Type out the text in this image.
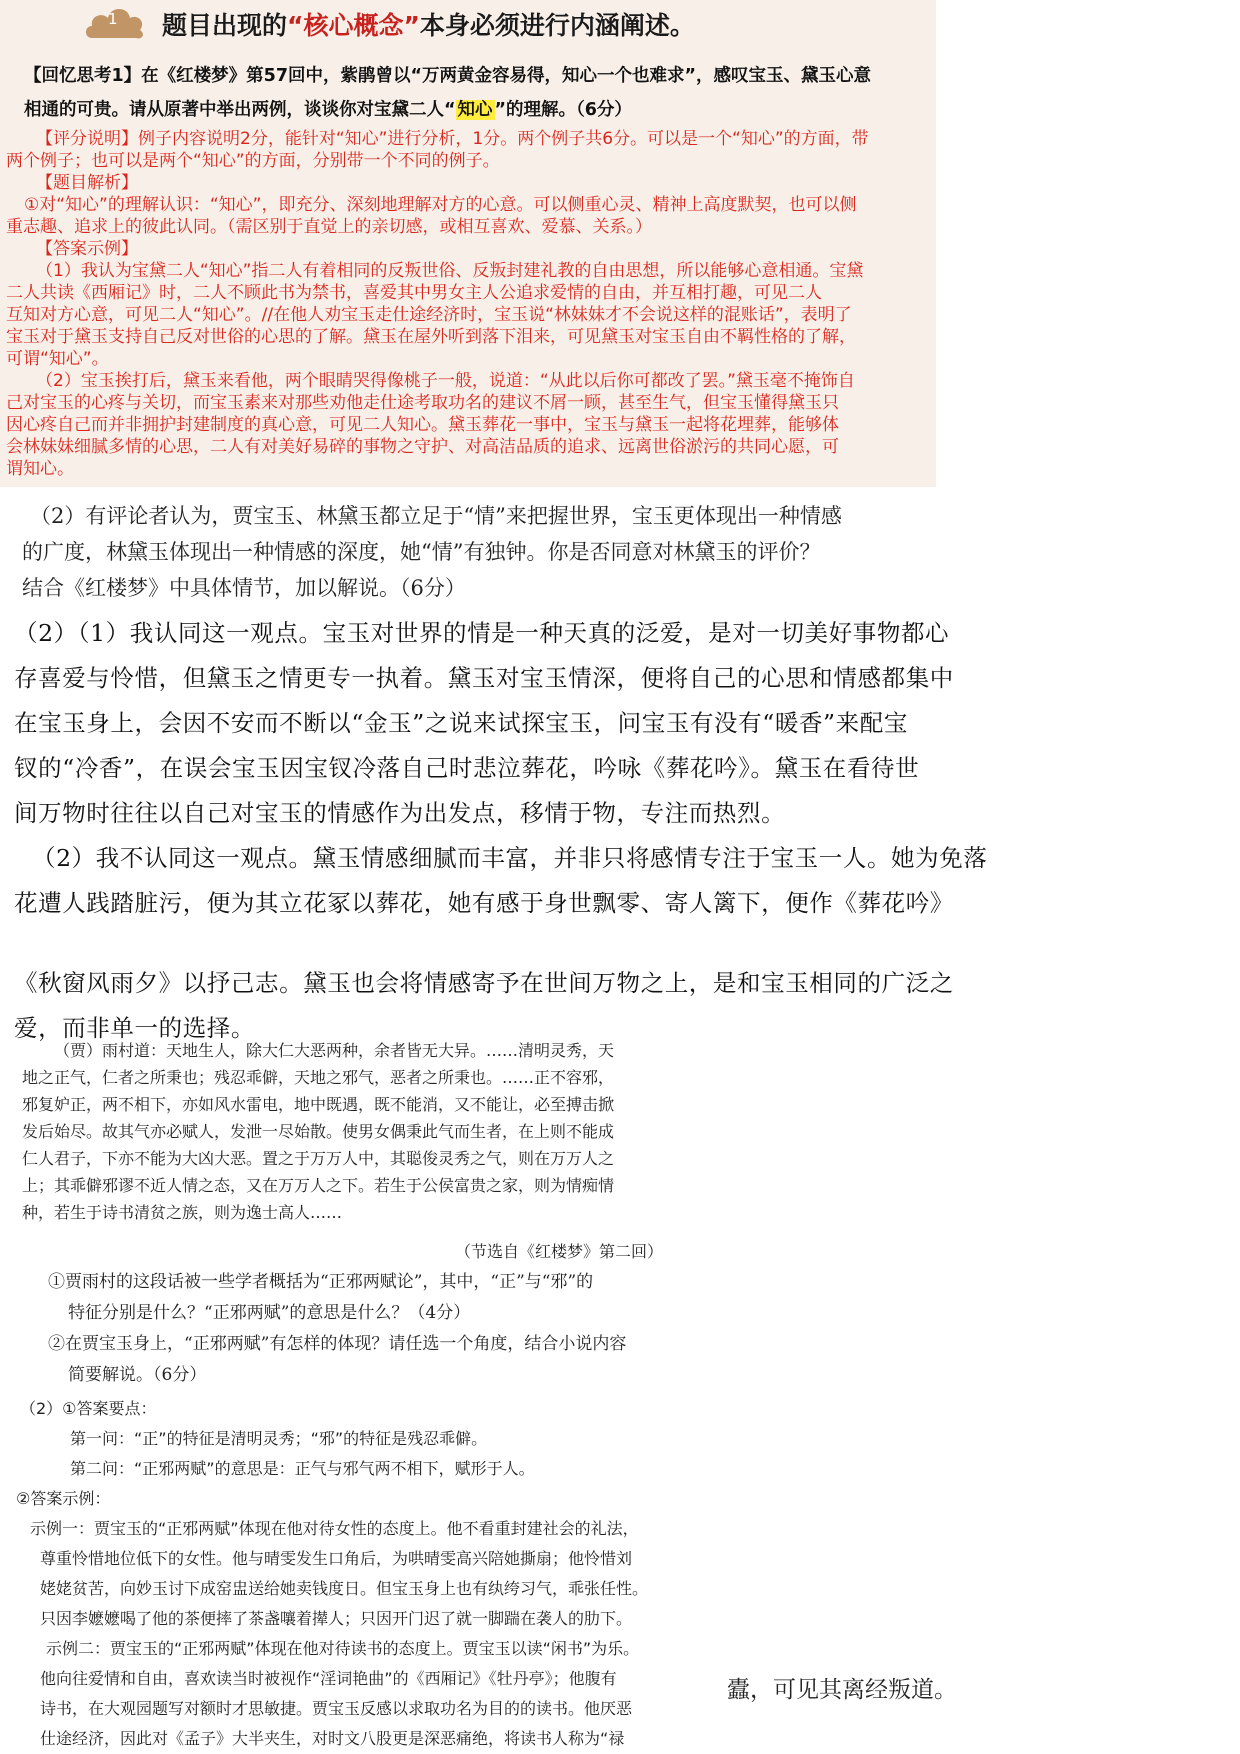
1 题目出现的“核心概念”本身必须进行内涵阐述。
【回忆思考1】在《红楼梦》第57回中，紫鹃曾以“万两黄金容易得，知心一个也难求”，感叹宝玉、黛玉心意
相通的可贵。请从原著中举出两例，谈谈你对宝黛二人“ 知心 ”的理解。（6分）
【评分说明】例子内容说明2分，能针对“知心”进行分析，1分。两个例子共6分。可以是一个“知心”的方面，带
两个例子；也可以是两个“知心”的方面，分别带一个不同的例子。
【题目解析】
①对“知心”的理解认识：“知心”，即充分、深刻地理解对方的心意。可以侧重心灵、精神上高度默契，也可以侧
重志趣、追求上的彼此认同。（需区别于直觉上的亲切感，或相互喜欢、爱慕、关系。）
【答案示例】
（1）我认为宝黛二人“知心”指二人有着相同的反叛世俗、反叛封建礼教的自由思想，所以能够心意相通。宝黛
二人共读《西厢记》时，二人不顾此书为禁书，喜爱其中男女主人公追求爱情的自由，并互相打趣，可见二人
互知对方心意，可见二人“知心”。//在他人劝宝玉走仕途经济时，宝玉说“林妹妹才不会说这样的混账话”，表明了
宝玉对于黛玉支持自己反对世俗的心思的了解。黛玉在屋外听到落下泪来，可见黛玉对宝玉自由不羁性格的了解，
可谓“知心”。
（2）宝玉挨打后，黛玉来看他，两个眼睛哭得像桃子一般，说道：“从此以后你可都改了罢。”黛玉毫不掩饰自
己对宝玉的心疼与关切，而宝玉素来对那些劝他走仕途考取功名的建议不屑一顾，甚至生气，但宝玉懂得黛玉只
因心疼自己而并非拥护封建制度的真心意，可见二人知心。黛玉葬花一事中，宝玉与黛玉一起将花埋葬，能够体
会林妹妹细腻多情的心思，二人有对美好易碎的事物之守护、对高洁品质的追求、远离世俗淤污的共同心愿，可
谓知心。
（2）有评论者认为，贾宝玉、林黛玉都立足于“情”来把握世界，宝玉更体现出一种情感
的广度，林黛玉体现出一种情感的深度，她“情”有独钟。你是否同意对林黛玉的评价？
结合《红楼梦》中具体情节，加以解说。（6分）
（2）（1）我认同这一观点。宝玉对世界的情是一种天真的泛爱，是对一切美好事物都心
存喜爱与怜惜，但黛玉之情更专一执着。黛玉对宝玉情深，便将自己的心思和情感都集中
在宝玉身上，会因不安而不断以“金玉”之说来试探宝玉，问宝玉有没有“暖香”来配宝
钗的“冷香”，在误会宝玉因宝钗冷落自己时悲泣葬花，吟咏《葬花吟》。黛玉在看待世
间万物时往往以自己对宝玉的情感作为出发点，移情于物，专注而热烈。
（2）我不认同这一观点。黛玉情感细腻而丰富，并非只将感情专注于宝玉一人。她为免落
花遭人践踏脏污，便为其立花冢以葬花，她有感于身世飘零、寄人篱下，便作《葬花吟》
《秋窗风雨夕》以抒己志。黛玉也会将情感寄予在世间万物之上，是和宝玉相同的广泛之
爱，而非单一的选择。
（贾）雨村道：天地生人，除大仁大恶两种，余者皆无大异。……清明灵秀，天
地之正气，仁者之所秉也；残忍乖僻，天地之邪气，恶者之所秉也。……正不容邪，
邪复妒正，两不相下，亦如风水雷电，地中既遇，既不能消，又不能让，必至搏击掀
发后始尽。故其气亦必赋人，发泄一尽始散。使男女偶秉此气而生者，在上则不能成
仁人君子，下亦不能为大凶大恶。置之于万万人中，其聪俊灵秀之气，则在万万人之
上；其乖僻邪谬不近人情之态，又在万万人之下。若生于公侯富贵之家，则为情痴情
种，若生于诗书清贫之族，则为逸士高人……
（节选自《红楼梦》第二回）
①贾雨村的这段话被一些学者概括为“正邪两赋论”，其中，“正”与“邪”的
特征分别是什么？“正邪两赋”的意思是什么？（4分）
②在贾宝玉身上，“正邪两赋”有怎样的体现？请任选一个角度，结合小说内容
简要解说。（6分）
（2）①答案要点：
第一问：“正”的特征是清明灵秀；“邪”的特征是残忍乖僻。
第二问：“正邪两赋”的意思是：正气与邪气两不相下，赋形于人。
②答案示例：
示例一：贾宝玉的“正邪两赋”体现在他对待女性的态度上。他不看重封建社会的礼法，
尊重怜惜地位低下的女性。他与晴雯发生口角后，为哄晴雯高兴陪她撕扇；他怜惜刘
姥姥贫苦，向妙玉讨下成窑盅送给她卖钱度日。但宝玉身上也有纨绔习气，乖张任性。
只因李嬷嬷喝了他的茶便摔了茶盏嚷着撵人；只因开门迟了就一脚踹在袭人的肋下。
示例二：贾宝玉的“正邪两赋”体现在他对待读书的态度上。贾宝玉以读“闲书”为乐。
他向往爱情和自由，喜欢读当时被视作“淫词艳曲”的《西厢记》《牡丹亭》；他腹有
诗书，在大观园题写对额时才思敏捷。贾宝玉反感以求取功名为目的的读书。他厌恶
仕途经济，因此对《孟子》大半夹生，对时文八股更是深恶痛绝，将读书人称为“禄
蠹，可见其离经叛道。
